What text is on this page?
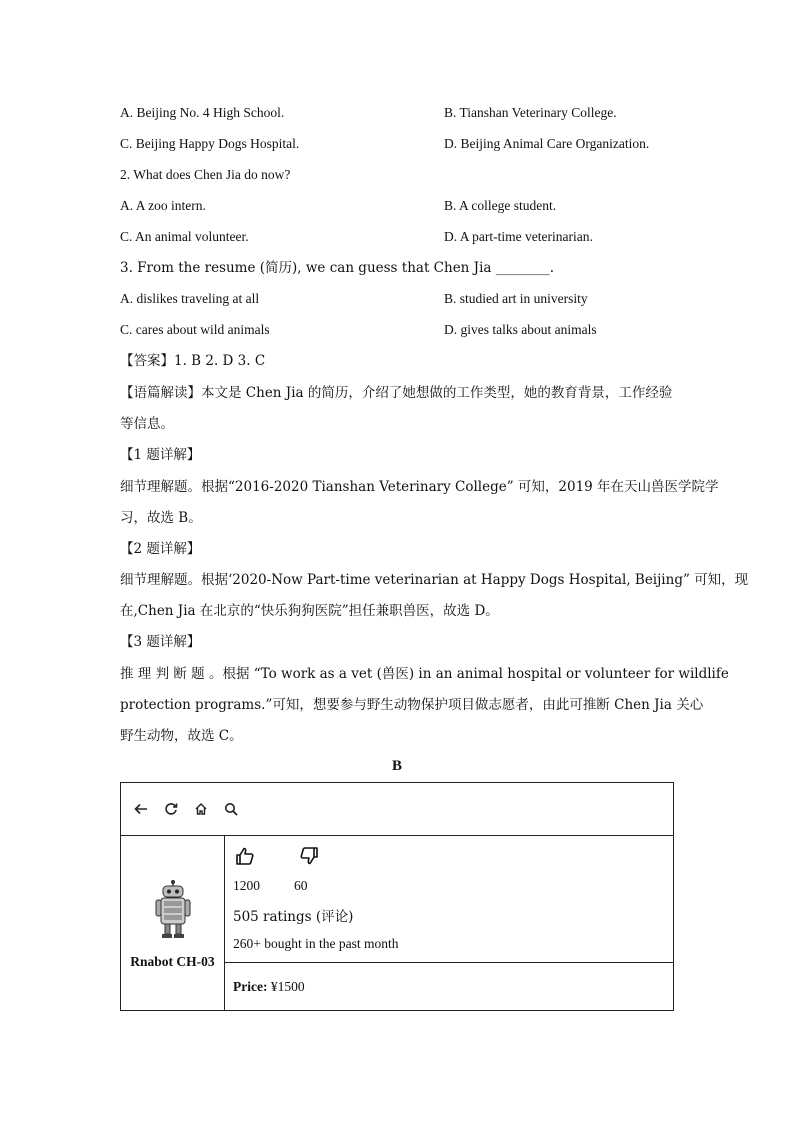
A. Beijing No. 4 High School.	B. Tianshan Veterinary College.
C. Beijing Happy Dogs Hospital.	D. Beijing Animal Care Organization.
2. What does Chen Jia do now?
A. A zoo intern.	B. A college student.
C. An animal volunteer.	D. A part-time veterinarian.
3. From the resume (简历), we can guess that Chen Jia ________.
A. dislikes traveling at all	B. studied art in university
C. cares about wild animals	D. gives talks about animals
【答案】1. B 2. D 3. C
【语篇解读】本文是 Chen Jia 的简历，介绍了她想做的工作类型，她的教育背景，工作经验
等信息。
【1 题详解】
细节理解题。根据“2016-2020 Tianshan Veterinary College” 可知，2019 年在天山兽医学院学
习，故选 B。
【2 题详解】
细节理解题。根据‘2020-Now Part-time veterinarian at Happy Dogs Hospital, Beijing” 可知，现
在,Chen Jia 在北京的“快乐狗狗医院”担任兼职兽医，故选 D。
【3 题详解】
推 理 判 断 题 。根据 “To work as a vet (兽医) in an animal hospital or volunteer for wildlife
protection programs.”可知，想要参与野生动物保护项目做志愿者，由此可推断 Chen Jia 关心
野生动物，故选 C。
B

Rnabot CH-03

1200	60
505 ratings (评论)
260+ bought in the past month

Price: ¥1500
